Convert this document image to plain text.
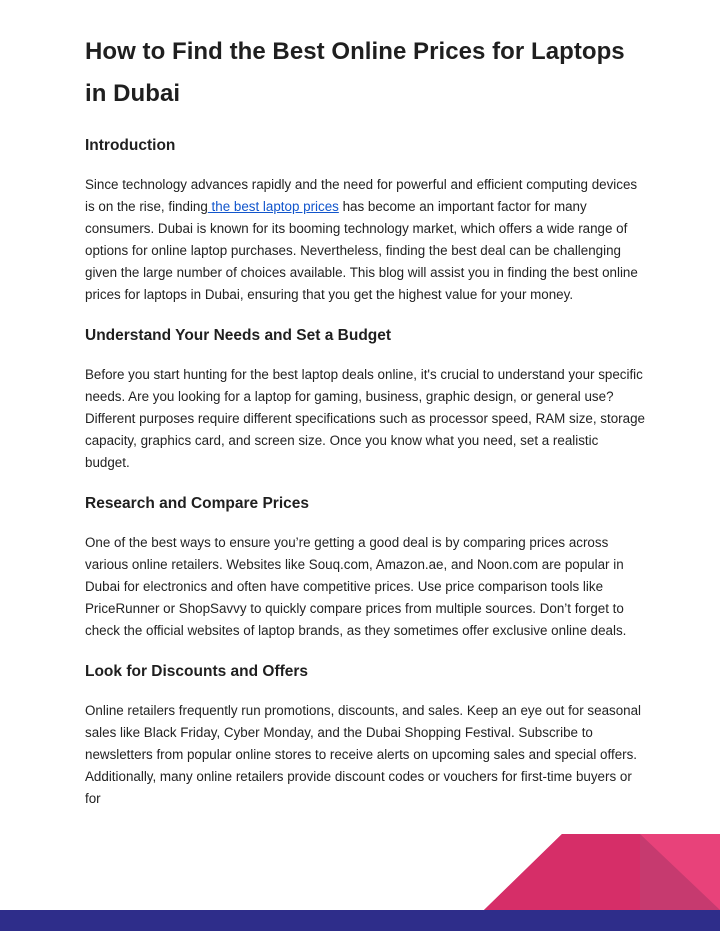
How to Find the Best Online Prices for Laptops in Dubai
Introduction

Since technology advances rapidly and the need for powerful and efficient computing devices is on the rise, finding the best laptop prices has become an important factor for many consumers. Dubai is known for its booming technology market, which offers a wide range of options for online laptop purchases. Nevertheless, finding the best deal can be challenging given the large number of choices available. This blog will assist you in finding the best online prices for laptops in Dubai, ensuring that you get the highest value for your money.

Understand Your Needs and Set a Budget

Before you start hunting for the best laptop deals online, it's crucial to understand your specific needs. Are you looking for a laptop for gaming, business, graphic design, or general use? Different purposes require different specifications such as processor speed, RAM size, storage capacity, graphics card, and screen size. Once you know what you need, set a realistic budget.

Research and Compare Prices

One of the best ways to ensure you’re getting a good deal is by comparing prices across various online retailers. Websites like Souq.com, Amazon.ae, and Noon.com are popular in Dubai for electronics and often have competitive prices. Use price comparison tools like PriceRunner or ShopSavvy to quickly compare prices from multiple sources. Don’t forget to check the official websites of laptop brands, as they sometimes offer exclusive online deals.

Look for Discounts and Offers

Online retailers frequently run promotions, discounts, and sales. Keep an eye out for seasonal sales like Black Friday, Cyber Monday, and the Dubai Shopping Festival. Subscribe to newsletters from popular online stores to receive alerts on upcoming sales and special offers. Additionally, many online retailers provide discount codes or vouchers for first-time buyers or for
